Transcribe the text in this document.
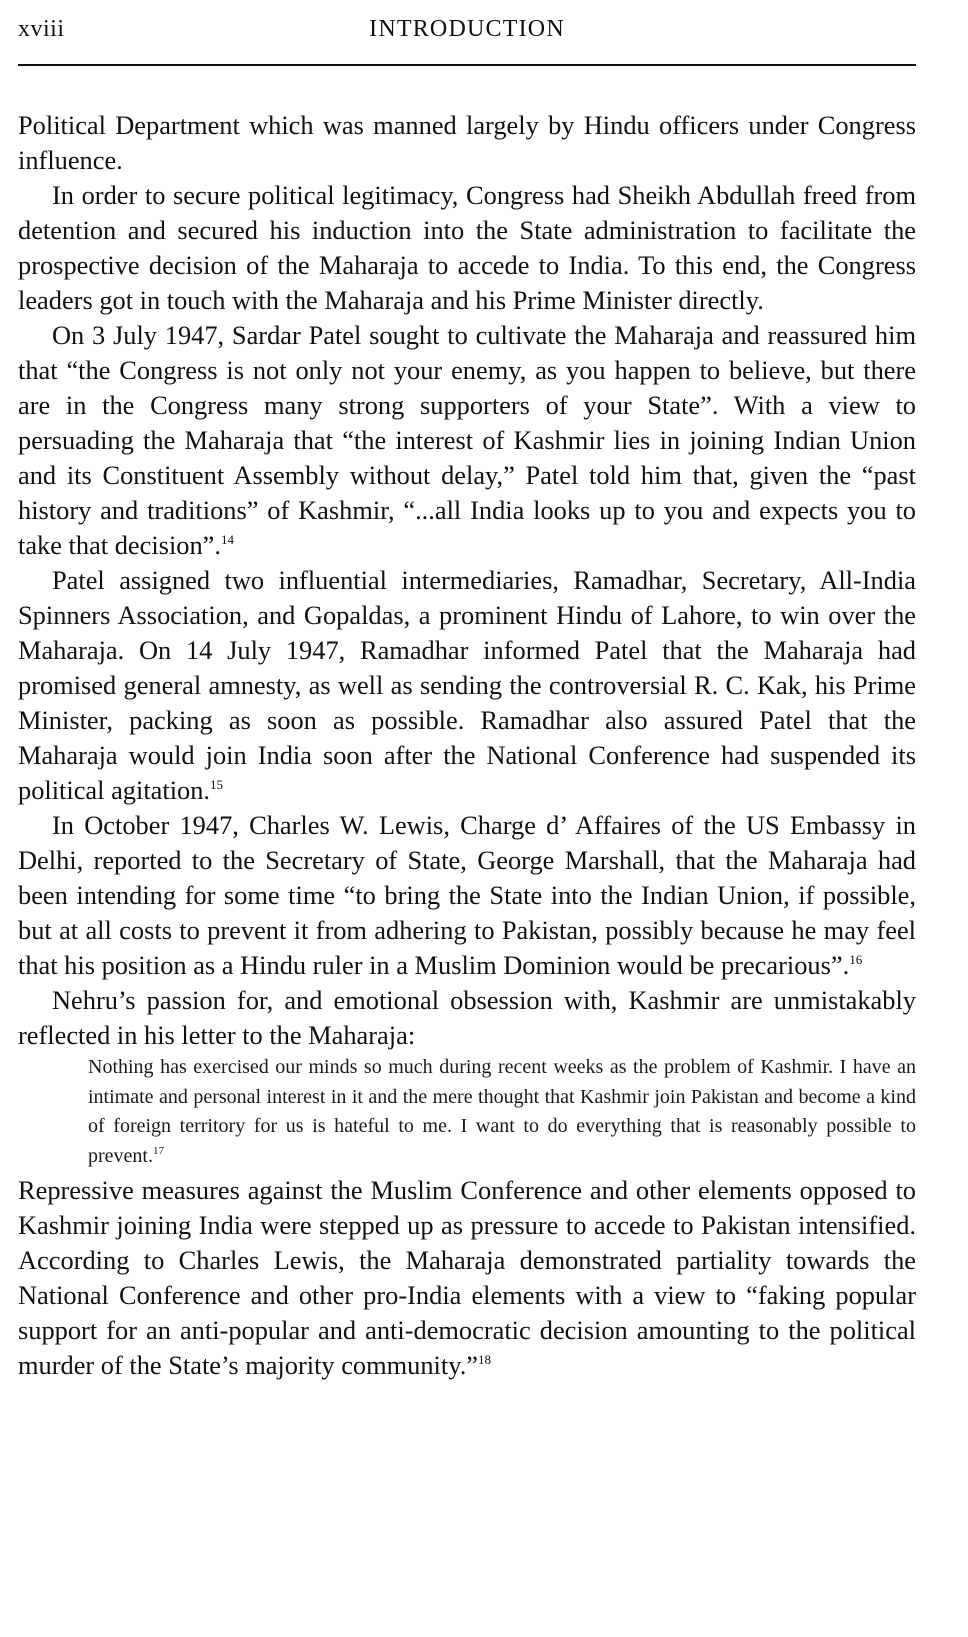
xviii	INTRODUCTION

Political Department which was manned largely by Hindu officers under Congress influence.

In order to secure political legitimacy, Congress had Sheikh Abdullah freed from detention and secured his induction into the State administration to facilitate the prospective decision of the Maharaja to accede to India. To this end, the Congress leaders got in touch with the Maharaja and his Prime Minister directly.

On 3 July 1947, Sardar Patel sought to cultivate the Maharaja and reassured him that “the Congress is not only not your enemy, as you happen to believe, but there are in the Congress many strong supporters of your State”. With a view to persuading the Maharaja that “the interest of Kashmir lies in joining Indian Union and its Constituent Assembly without delay,” Patel told him that, given the “past history and traditions” of Kashmir, “...all India looks up to you and expects you to take that decision”.$^{14}$

Patel assigned two influential intermediaries, Ramadhar, Secretary, All-India Spinners Association, and Gopaldas, a prominent Hindu of Lahore, to win over the Maharaja. On 14 July 1947, Ramadhar informed Patel that the Maharaja had promised general amnesty, as well as sending the controversial R. C. Kak, his Prime Minister, packing as soon as possible. Ramadhar also assured Patel that the Maharaja would join India soon after the National Conference had suspended its political agitation.$^{15}$

In October 1947, Charles W. Lewis, Charge d’ Affaires of the US Embassy in Delhi, reported to the Secretary of State, George Marshall, that the Maharaja had been intending for some time “to bring the State into the Indian Union, if possible, but at all costs to prevent it from adhering to Pakistan, possibly because he may feel that his position as a Hindu ruler in a Muslim Dominion would be precarious”.$^{16}$

Nehru’s passion for, and emotional obsession with, Kashmir are unmistakably reflected in his letter to the Maharaja:

Nothing has exercised our minds so much during recent weeks as the problem of Kashmir. I have an intimate and personal interest in it and the mere thought that Kashmir join Pakistan and become a kind of foreign territory for us is hateful to me. I want to do everything that is reasonably possible to prevent.$^{17}$

Repressive measures against the Muslim Conference and other elements opposed to Kashmir joining India were stepped up as pressure to accede to Pakistan intensified. According to Charles Lewis, the Maharaja demonstrated partiality towards the National Conference and other pro-India elements with a view to “faking popular support for an anti-popular and anti-democratic decision amounting to the political murder of the State’s majority community.”$^{18}$
